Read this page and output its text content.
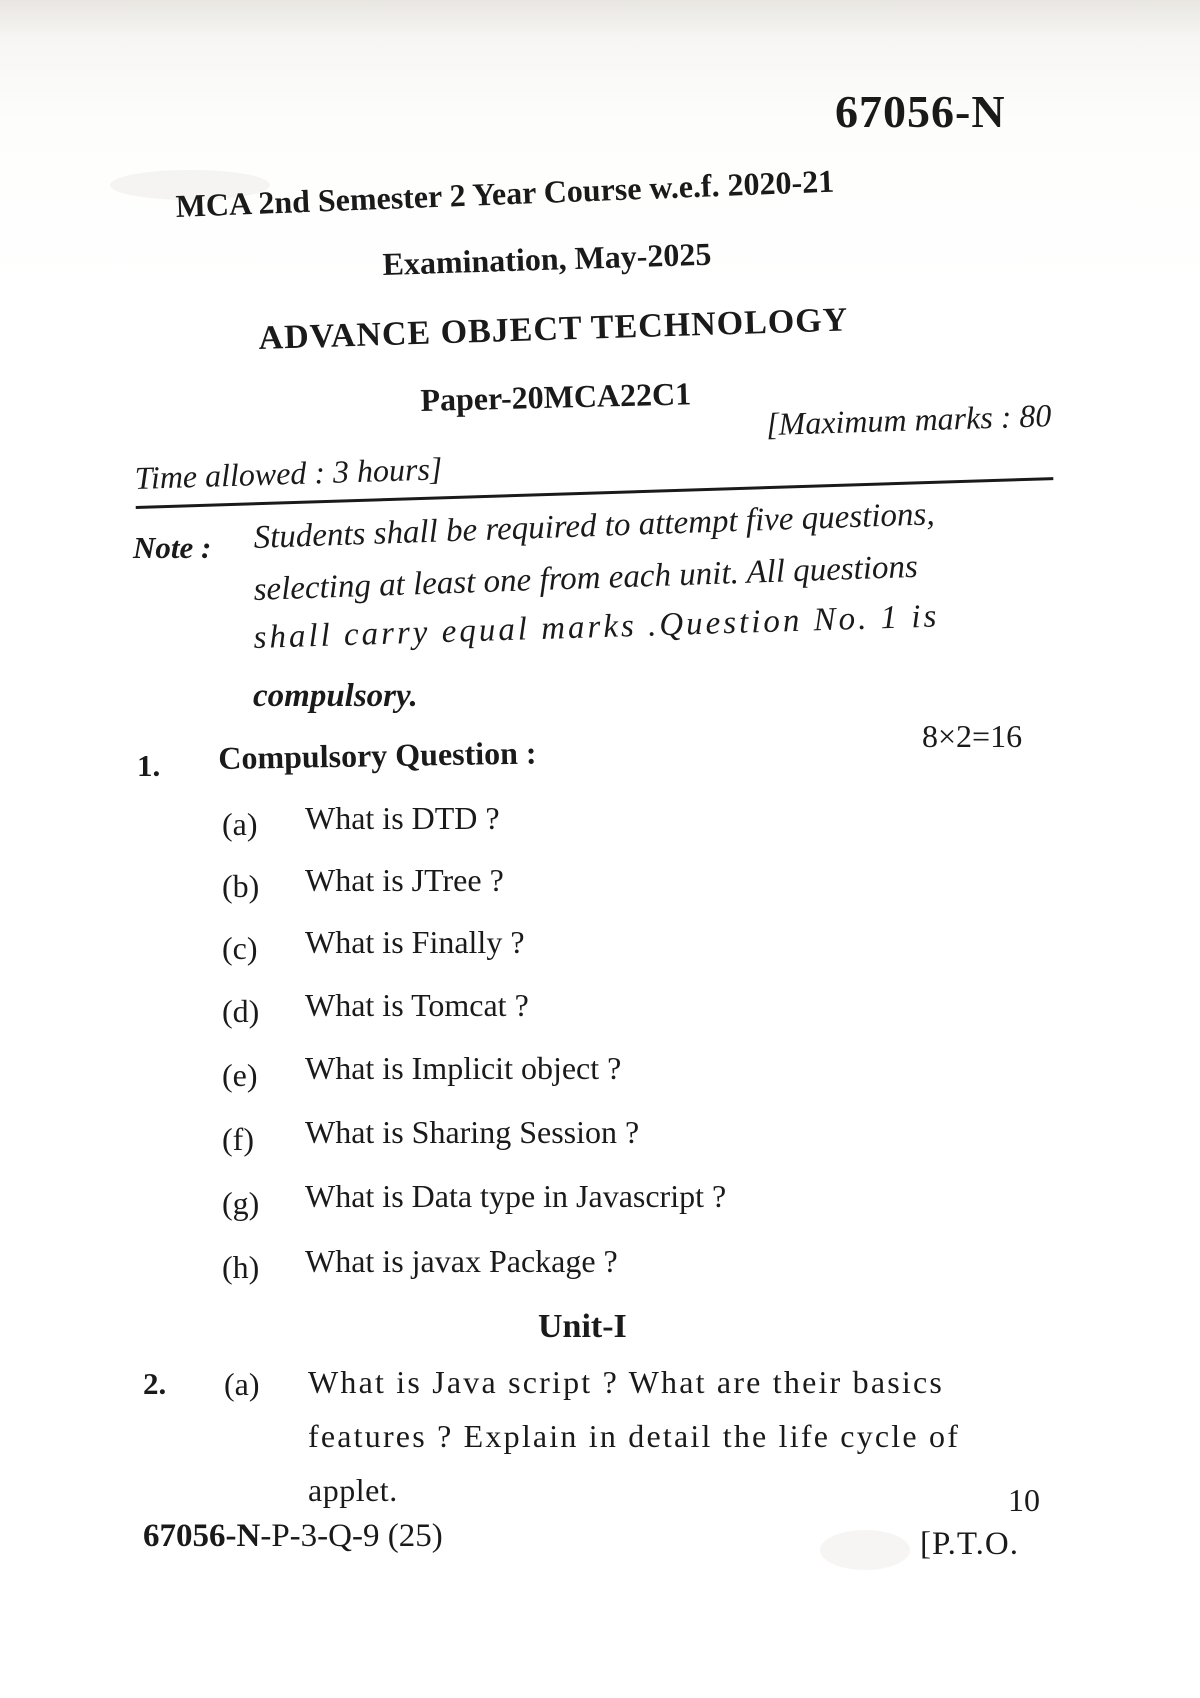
67056-N
MCA 2nd Semester 2 Year Course w.e.f. 2020-21
Examination, May-2025
ADVANCE OBJECT TECHNOLOGY
Paper-20MCA22C1
Time allowed : 3 hours]
[Maximum marks : 80
Note : Students shall be required to attempt five questions,
selecting at least one from each unit. All questions
shall carry equal marks .Question No. 1 is
compulsory.
1. Compulsory Question :	8×2=16
(a) What is DTD ?
(b) What is JTree ?
(c) What is Finally ?
(d) What is Tomcat ?
(e) What is Implicit object ?
(f) What is Sharing Session ?
(g) What is Data type in Javascript ?
(h) What is javax Package ?
Unit-I
2. (a) What is Java script ? What are their basics
features ? Explain in detail the life cycle of
applet.	10
67056-N-P-3-Q-9 (25)	[P.T.O.
